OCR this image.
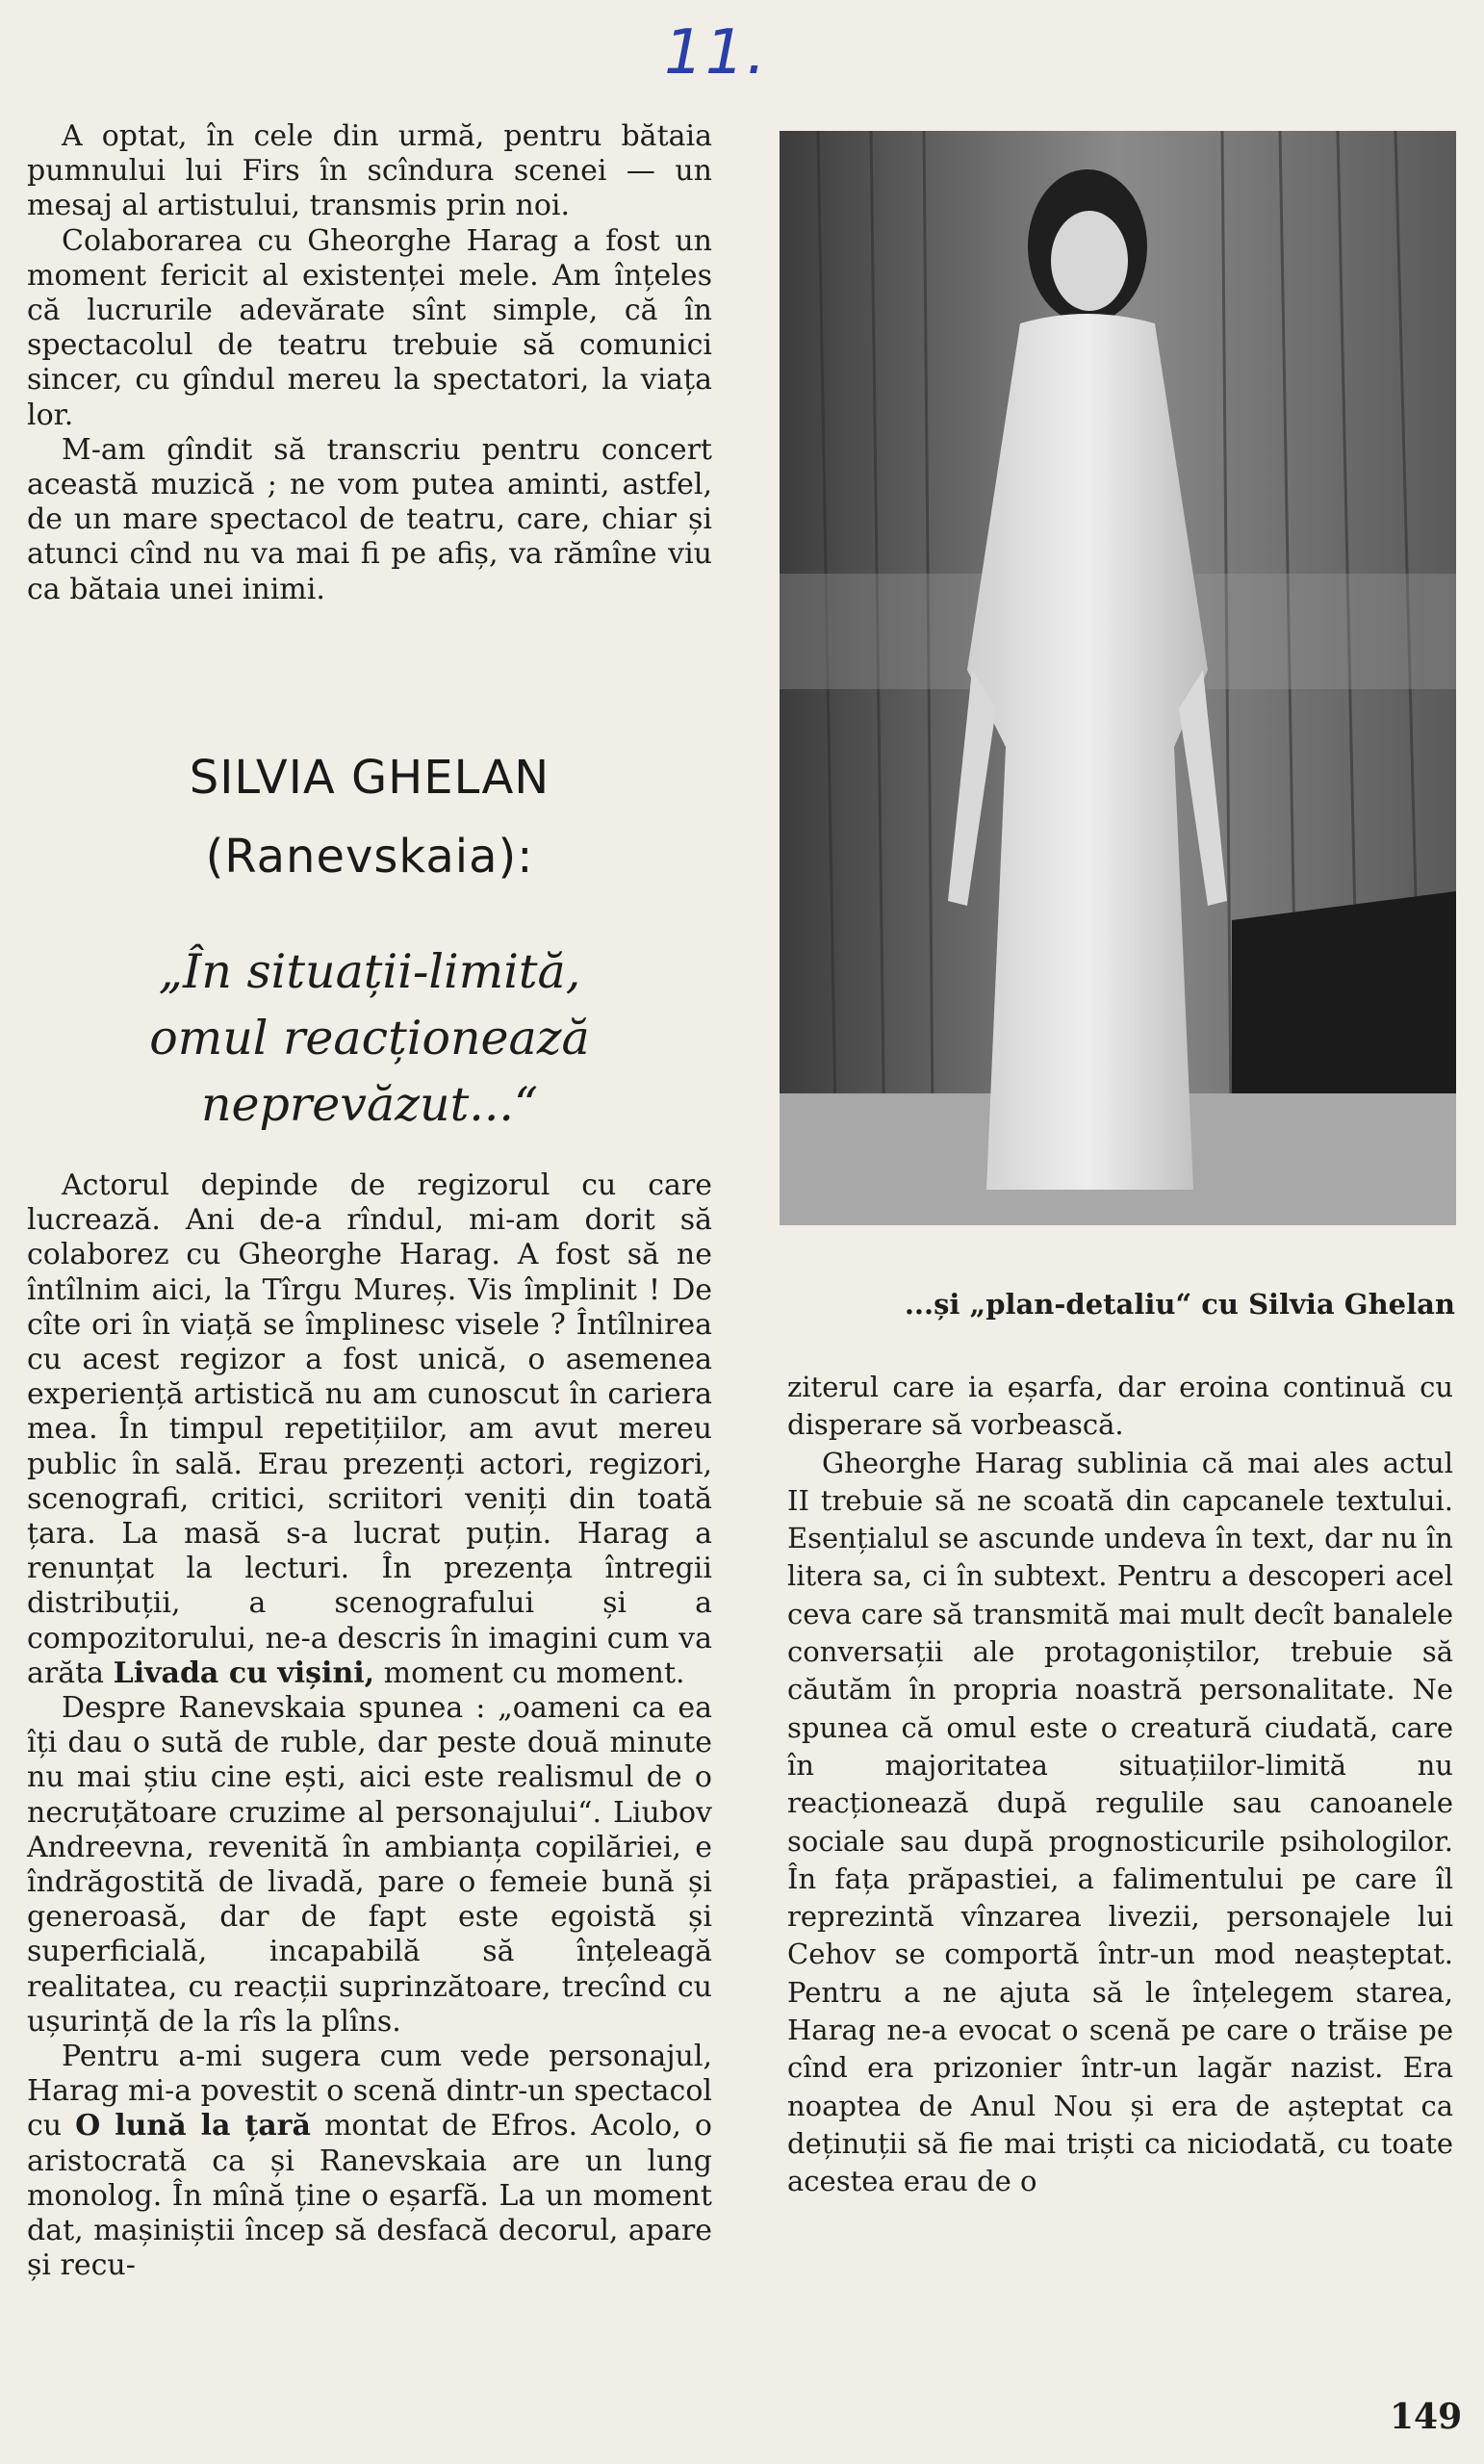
11.

A optat, în cele din urmă, pentru bătaia pumnului lui Firs în scîndura scenei — un mesaj al artistului, transmis prin noi.

Colaborarea cu Gheorghe Harag a fost un moment fericit al existenței mele. Am înțeles că lucrurile adevărate sînt simple, că în spectacolul de teatru trebuie să comunici sincer, cu gîndul mereu la spectatori, la viața lor.

M-am gîndit să transcriu pentru concert această muzică ; ne vom putea aminti, astfel, de un mare spectacol de teatru, care, chiar și atunci cînd nu va mai fi pe afiș, va rămîne viu ca bătaia unei inimi.

SILVIA GHELAN
(Ranevskaia):
„În situații-limită,
omul reacționează
neprevăzut...“

Actorul depinde de regizorul cu care lucrează. Ani de-a rîndul, mi-am dorit să colaborez cu Gheorghe Harag. A fost să ne întîlnim aici, la Tîrgu Mureș. Vis împlinit ! De cîte ori în viață se împlinesc visele ? Întîlnirea cu acest regizor a fost unică, o asemenea experiență artistică nu am cunoscut în cariera mea. În timpul repetițiilor, am avut mereu public în sală. Erau prezenți actori, regizori, scenografi, critici, scriitori veniți din toată țara. La masă s-a lucrat puțin. Harag a renunțat la lecturi. În prezența întregii distribuții, a scenografului și a compozitorului, ne-a descris în imagini cum va arăta Livada cu vișini, moment cu moment.

Despre Ranevskaia spunea : „oameni ca ea îți dau o sută de ruble, dar peste două minute nu mai știu cine ești, aici este realismul de o necruțătoare cruzime al personajului“. Liubov Andreevna, revenită în ambianța copilăriei, e îndrăgostită de livadă, pare o femeie bună și generoasă, dar de fapt este egoistă și superficială, incapabilă să înțeleagă realitatea, cu reacții suprinzătoare, trecînd cu ușurință de la rîs la plîns.

Pentru a-mi sugera cum vede personajul, Harag mi-a povestit o scenă dintr-un spectacol cu O lună la țară montat de Efros. Acolo, o aristocrată ca și Ranevskaia are un lung monolog. În mînă ține o eșarfă. La un moment dat, mașiniștii încep să desfacă decorul, apare și recu-

...și „plan-detaliu“ cu Silvia Ghelan

ziterul care ia eșarfa, dar eroina continuă cu disperare să vorbească.

Gheorghe Harag sublinia că mai ales actul II trebuie să ne scoată din capcanele textului. Esențialul se ascunde undeva în text, dar nu în litera sa, ci în subtext. Pentru a descoperi acel ceva care să transmită mai mult decît banalele conversații ale protagoniștilor, trebuie să căutăm în propria noastră personalitate. Ne spunea că omul este o creatură ciudată, care în majoritatea situațiilor-limită nu reacționează după regulile sau canoanele sociale sau după prognosticurile psihologilor. În fața prăpastiei, a falimentului pe care îl reprezintă vînzarea livezii, personajele lui Cehov se comportă într-un mod neașteptat. Pentru a ne ajuta să le înțelegem starea, Harag ne-a evocat o scenă pe care o trăise pe cînd era prizonier într-un lagăr nazist. Era noaptea de Anul Nou și era de așteptat ca deținuții să fie mai triști ca niciodată, cu toate acestea erau de o

149
